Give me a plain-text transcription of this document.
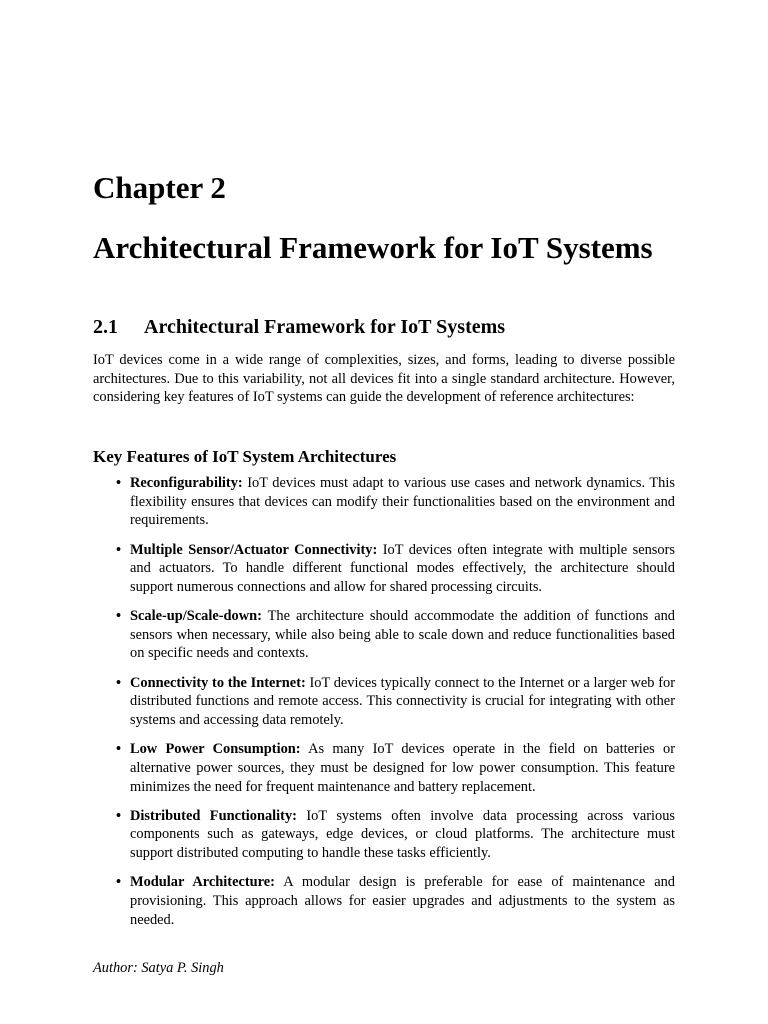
Chapter 2
Architectural Framework for IoT Systems
2.1 Architectural Framework for IoT Systems

IoT devices come in a wide range of complexities, sizes, and forms, leading to diverse possible architectures. Due to this variability, not all devices fit into a single standard architecture. However, considering key features of IoT systems can guide the development of reference architectures:

Key Features of IoT System Architectures
• Reconfigurability: IoT devices must adapt to various use cases and network dynamics. This flexibility ensures that devices can modify their functionalities based on the environment and requirements.
• Multiple Sensor/Actuator Connectivity: IoT devices often integrate with multiple sensors and actuators. To handle different functional modes effectively, the architecture should support numerous connections and allow for shared processing circuits.
• Scale-up/Scale-down: The architecture should accommodate the addition of functions and sensors when necessary, while also being able to scale down and reduce functionalities based on specific needs and contexts.
• Connectivity to the Internet: IoT devices typically connect to the Internet or a larger web for distributed functions and remote access. This connectivity is crucial for integrating with other systems and accessing data remotely.
• Low Power Consumption: As many IoT devices operate in the field on batteries or alternative power sources, they must be designed for low power consumption. This feature minimizes the need for frequent maintenance and battery replacement.
• Distributed Functionality: IoT systems often involve data processing across various components such as gateways, edge devices, or cloud platforms. The architecture must support distributed computing to handle these tasks efficiently.
• Modular Architecture: A modular design is preferable for ease of maintenance and provisioning. This approach allows for easier upgrades and adjustments to the system as needed.
Author: Satya P. Singh
